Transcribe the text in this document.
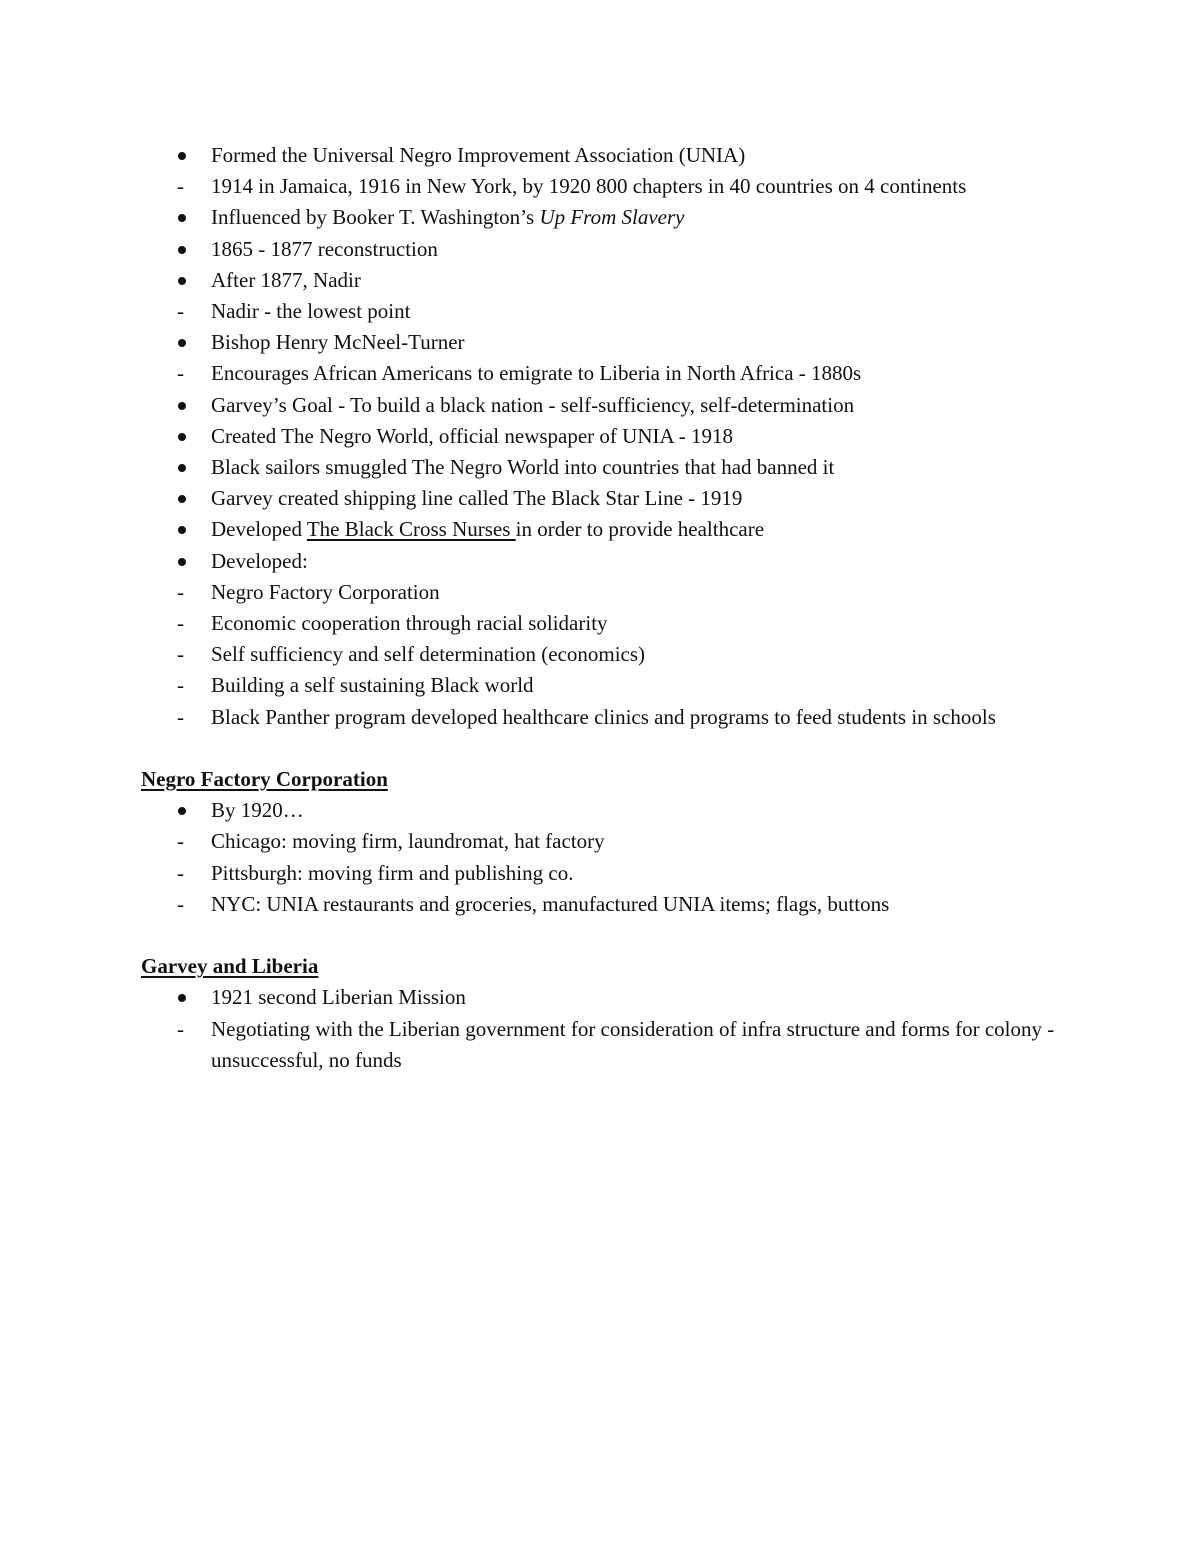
Formed the Universal Negro Improvement Association (UNIA)
-	1914 in Jamaica, 1916 in New York, by 1920 800 chapters in 40 countries on 4 continents
Influenced by Booker T. Washington’s Up From Slavery
1865 - 1877 reconstruction
After 1877, Nadir
-	Nadir - the lowest point
Bishop Henry McNeel-Turner
-	Encourages African Americans to emigrate to Liberia in North Africa - 1880s
Garvey’s Goal - To build a black nation - self-sufficiency, self-determination
Created The Negro World, official newspaper of UNIA - 1918
Black sailors smuggled The Negro World into countries that had banned it
Garvey created shipping line called The Black Star Line - 1919
Developed The Black Cross Nurses in order to provide healthcare
Developed:
-	Negro Factory Corporation
-	Economic cooperation through racial solidarity
-	Self sufficiency and self determination (economics)
-	Building a self sustaining Black world
-	Black Panther program developed healthcare clinics and programs to feed students in schools
Negro Factory Corporation
By 1920…
-	Chicago: moving firm, laundromat, hat factory
-	Pittsburgh: moving firm and publishing co.
-	NYC: UNIA restaurants and groceries, manufactured UNIA items; flags, buttons
Garvey and Liberia
1921 second Liberian Mission
-	Negotiating with the Liberian government for consideration of infra structure and forms for colony - unsuccessful, no funds
